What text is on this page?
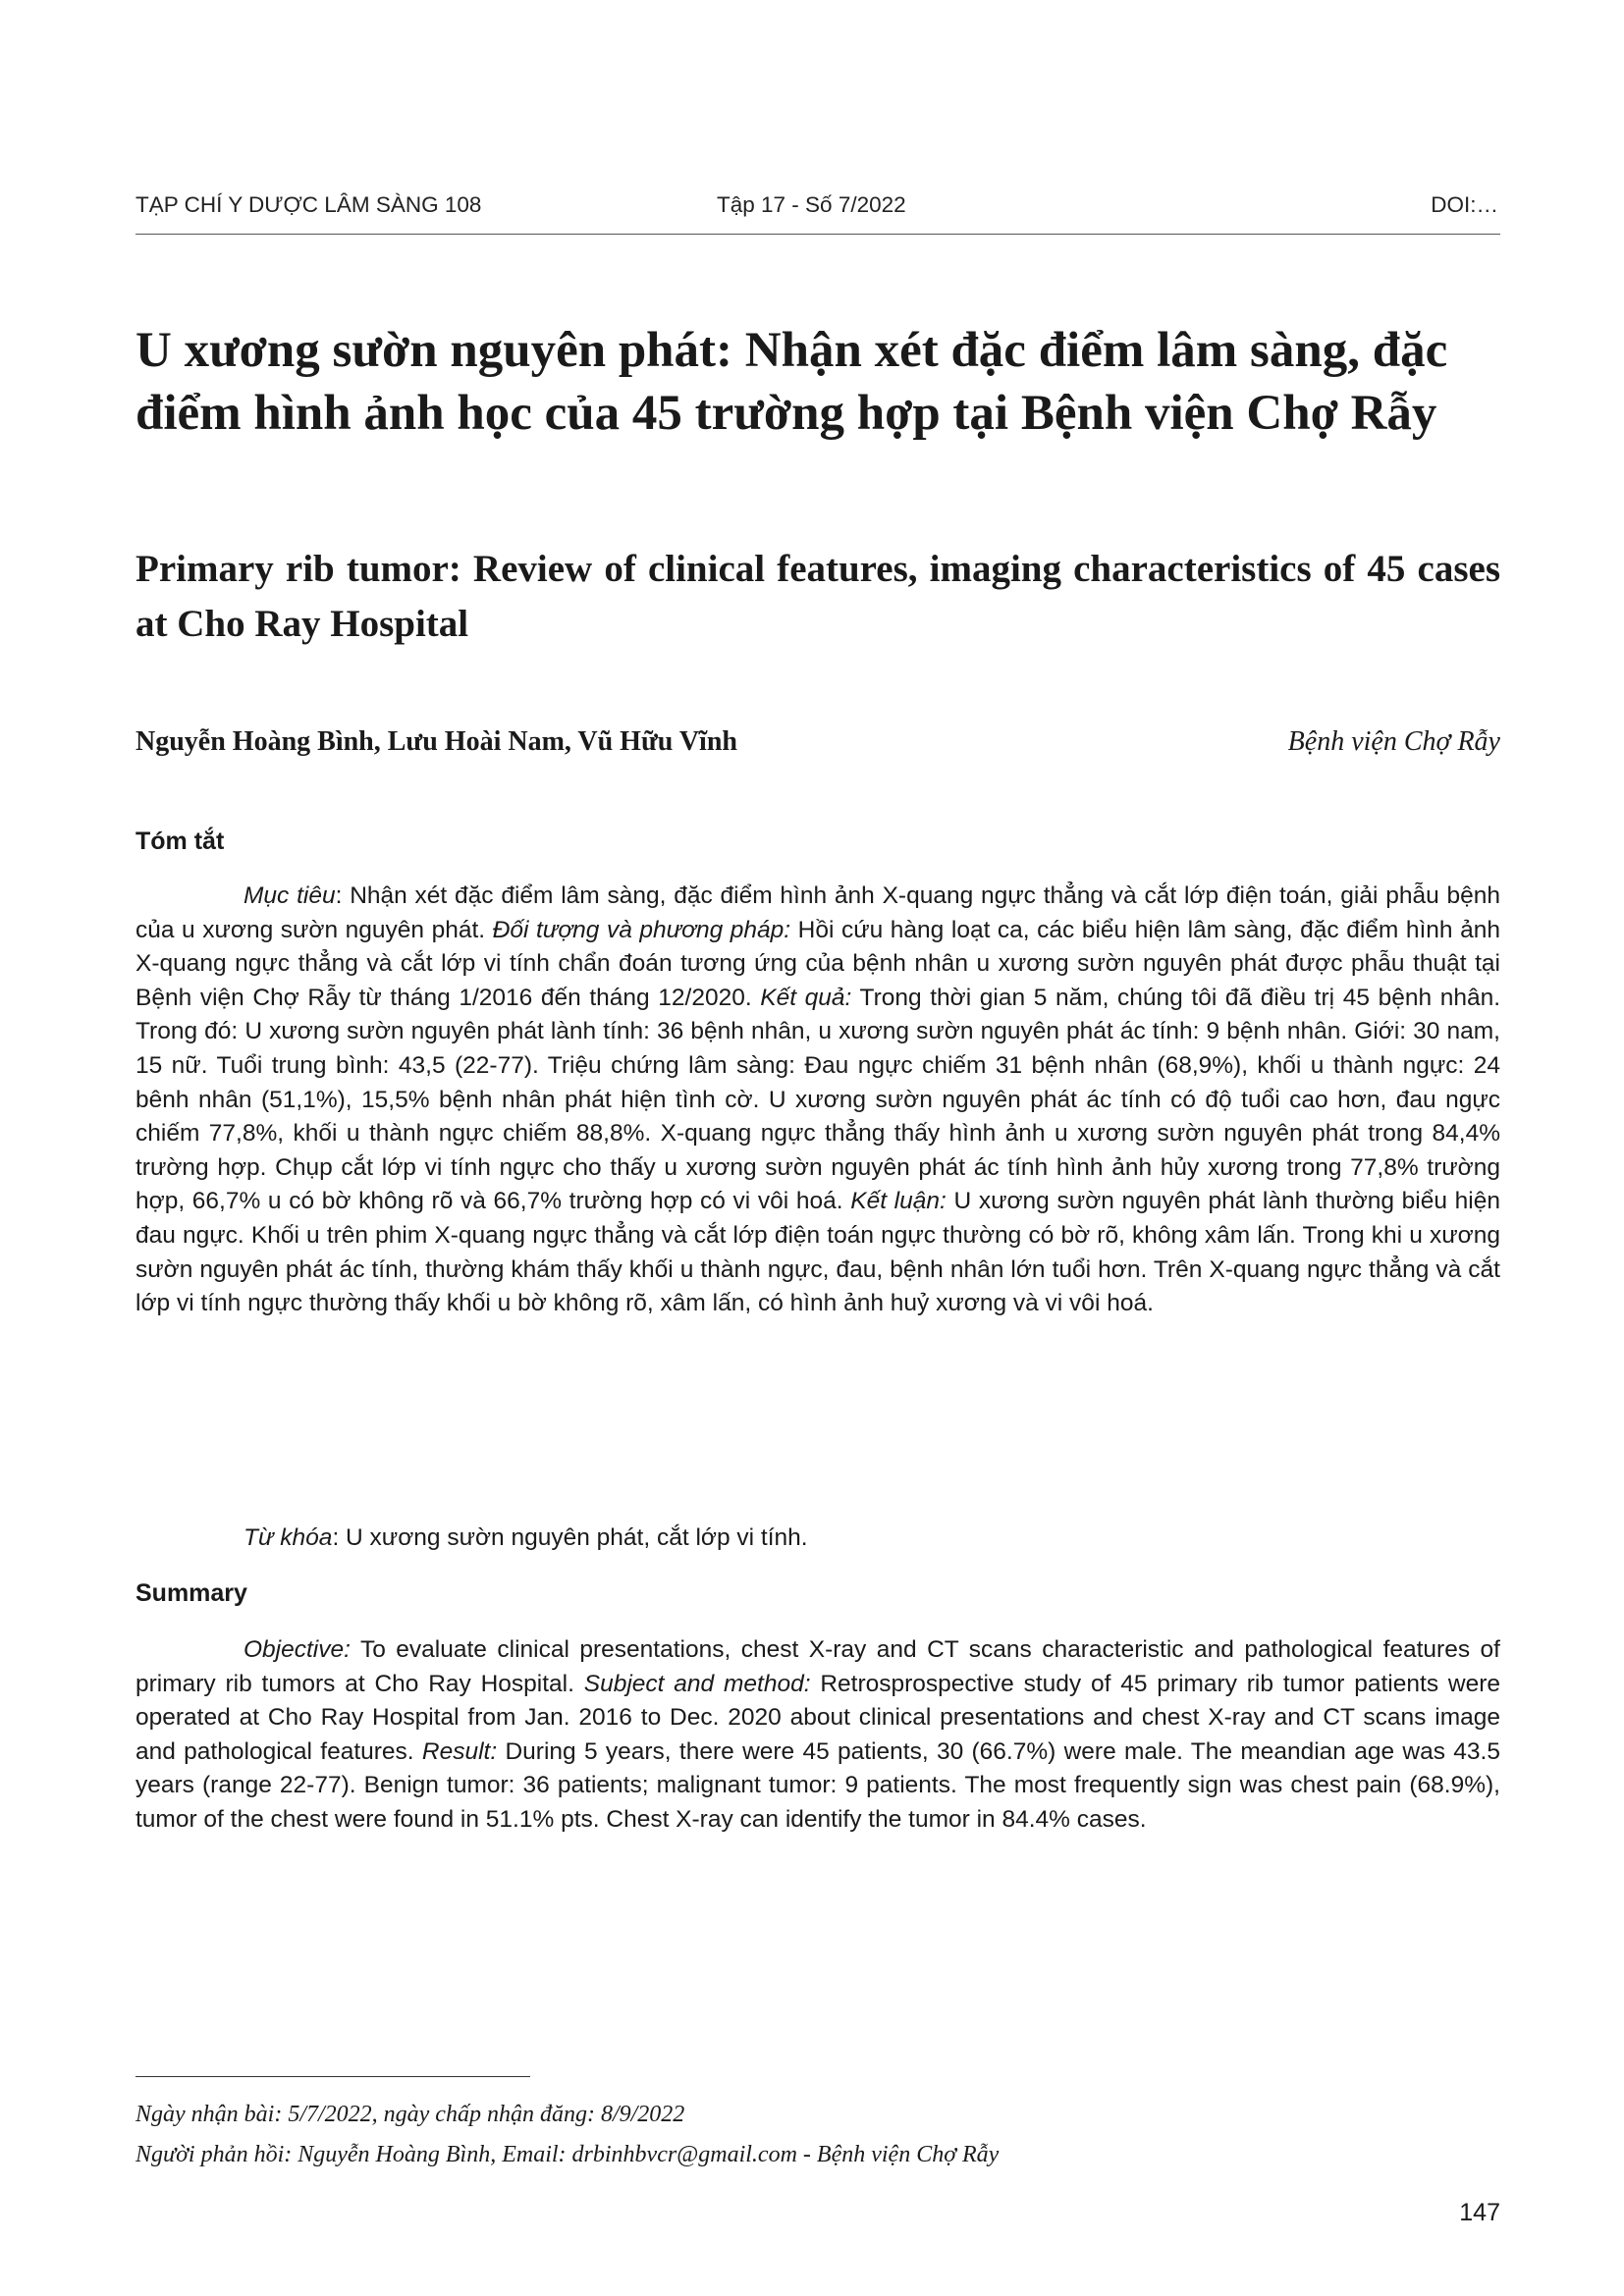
TẠP CHÍ Y DƯỢC LÂM SÀNG 108	Tập 17 - Số 7/2022	DOI:…
U xương sườn nguyên phát: Nhận xét đặc điểm lâm sàng, đặc điểm hình ảnh học của 45 trường hợp tại Bệnh viện Chợ Rẫy
Primary rib tumor: Review of clinical features, imaging characteristics of 45 cases at Cho Ray Hospital
Nguyễn Hoàng Bình, Lưu Hoài Nam, Vũ Hữu Vĩnh	Bệnh viện Chợ Rẫy
Tóm tắt

Mục tiêu: Nhận xét đặc điểm lâm sàng, đặc điểm hình ảnh X-quang ngực thẳng và cắt lớp điện toán, giải phẫu bệnh của u xương sườn nguyên phát. Đối tượng và phương pháp: Hồi cứu hàng loạt ca, các biểu hiện lâm sàng, đặc điểm hình ảnh X-quang ngực thẳng và cắt lớp vi tính chẩn đoán tương ứng của bệnh nhân u xương sườn nguyên phát được phẫu thuật tại Bệnh viện Chợ Rẫy từ tháng 1/2016 đến tháng 12/2020. Kết quả: Trong thời gian 5 năm, chúng tôi đã điều trị 45 bệnh nhân. Trong đó: U xương sườn nguyên phát lành tính: 36 bệnh nhân, u xương sườn nguyên phát ác tính: 9 bệnh nhân. Giới: 30 nam, 15 nữ. Tuổi trung bình: 43,5 (22-77). Triệu chứng lâm sàng: Đau ngực chiếm 31 bệnh nhân (68,9%), khối u thành ngực: 24 bênh nhân (51,1%), 15,5% bệnh nhân phát hiện tình cờ. U xương sườn nguyên phát ác tính có độ tuổi cao hơn, đau ngực chiếm 77,8%, khối u thành ngực chiếm 88,8%. X-quang ngực thẳng thấy hình ảnh u xương sườn nguyên phát trong 84,4% trường hợp. Chụp cắt lớp vi tính ngực cho thấy u xương sườn nguyên phát ác tính hình ảnh hủy xương trong 77,8% trường hợp, 66,7% u có bờ không rõ và 66,7% trường hợp có vi vôi hoá. Kết luận: U xương sườn nguyên phát lành thường biểu hiện đau ngực. Khối u trên phim X-quang ngực thẳng và cắt lớp điện toán ngực thường có bờ rõ, không xâm lấn. Trong khi u xương sườn nguyên phát ác tính, thường khám thấy khối u thành ngực, đau, bệnh nhân lớn tuổi hơn. Trên X-quang ngực thẳng và cắt lớp vi tính ngực thường thấy khối u bờ không rõ, xâm lấn, có hình ảnh huỷ xương và vi vôi hoá.

Từ khóa: U xương sườn nguyên phát, cắt lớp vi tính.

Summary

Objective: To evaluate clinical presentations, chest X-ray and CT scans characteristic and pathological features of primary rib tumors at Cho Ray Hospital. Subject and method: Retrosprospective study of 45 primary rib tumor patients were operated at Cho Ray Hospital from Jan. 2016 to Dec. 2020 about clinical presentations and chest X-ray and CT scans image and pathological features. Result: During 5 years, there were 45 patients, 30 (66.7%) were male. The meandian age was 43.5 years (range 22-77). Benign tumor: 36 patients; malignant tumor: 9 patients. The most frequently sign was chest pain (68.9%), tumor of the chest were found in 51.1% pts. Chest X-ray can identify the tumor in 84.4% cases.

Ngày nhận bài: 5/7/2022, ngày chấp nhận đăng: 8/9/2022

Người phản hồi: Nguyễn Hoàng Bình, Email: drbinhbvcr@gmail.com - Bệnh viện Chợ Rẫy

147
